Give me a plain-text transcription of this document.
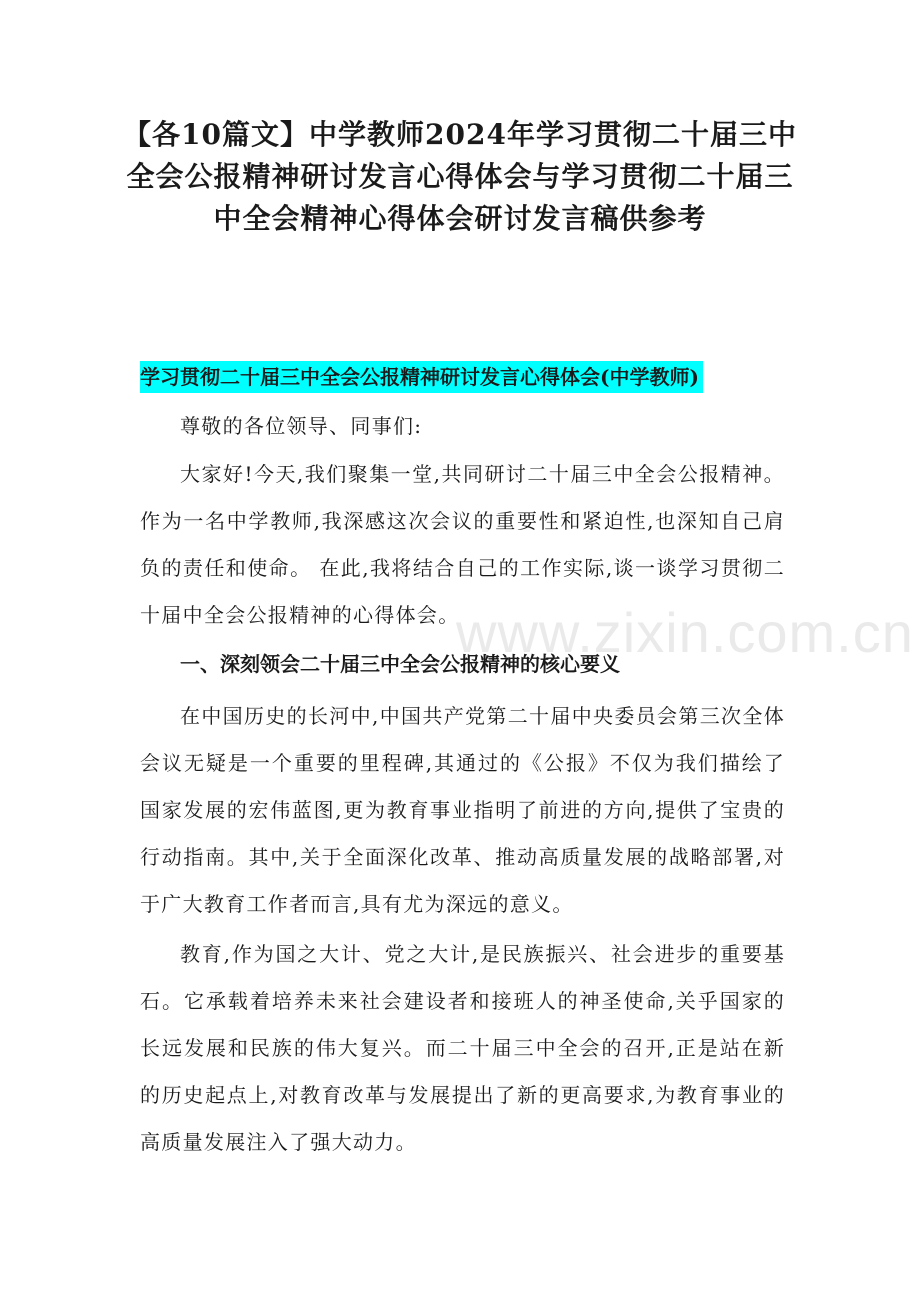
【各10篇文】中学教师2024年学习贯彻二十届三中全会公报精神研讨发言心得体会与学习贯彻二十届三中全会精神心得体会研讨发言稿供参考
学习贯彻二十届三中全会公报精神研讨发言心得体会(中学教师)

尊敬的各位领导、同事们:

大家好!今天,我们聚集一堂,共同研讨二十届三中全会公报精神。作为一名中学教师,我深感这次会议的重要性和紧迫性,也深知自己肩负的责任和使命。 在此,我将结合自己的工作实际,谈一谈学习贯彻二十届中全会公报精神的心得体会。

一、深刻领会二十届三中全会公报精神的核心要义

在中国历史的长河中,中国共产党第二十届中央委员会第三次全体会议无疑是一个重要的里程碑,其通过的《公报》不仅为我们描绘了国家发展的宏伟蓝图,更为教育事业指明了前进的方向,提供了宝贵的行动指南。其中,关于全面深化改革、推动高质量发展的战略部署,对于广大教育工作者而言,具有尤为深远的意义。

教育,作为国之大计、党之大计,是民族振兴、社会进步的重要基石。它承载着培养未来社会建设者和接班人的神圣使命,关乎国家的长远发展和民族的伟大复兴。而二十届三中全会的召开,正是站在新的历史起点上,对教育改革与发展提出了新的更高要求,为教育事业的高质量发展注入了强大动力。

www.zixin.com.cn
